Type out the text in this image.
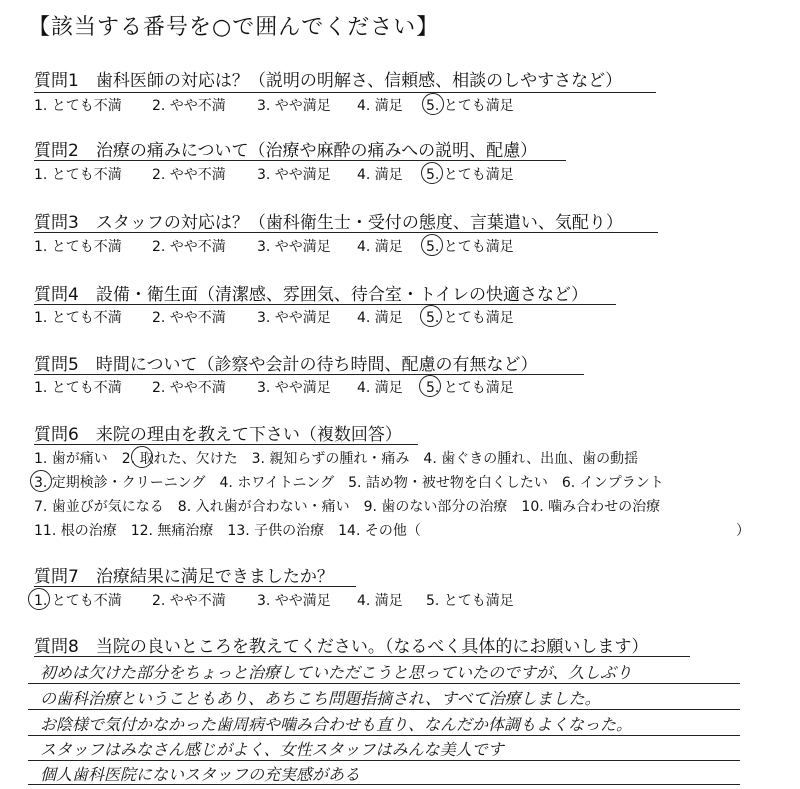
【該当する番号を○で囲んでください】
質問1　歯科医師の対応は？（説明の明解さ、信頼感、相談のしやすさなど）
1. とても不満 2. やや不満 3. やや満足 4. 満足 5. とても満足
質問2　治療の痛みについて（治療や麻酔の痛みへの説明、配慮）
1. とても不満 2. やや不満 3. やや満足 4. 満足 5. とても満足
質問3　スタッフの対応は？（歯科衛生士・受付の態度、言葉遣い、気配り）
1. とても不満 2. やや不満 3. やや満足 4. 満足 5. とても満足
質問4　設備・衛生面（清潔感、雰囲気、待合室・トイレの快適さなど）
1. とても不満 2. やや不満 3. やや満足 4. 満足 5. とても満足
質問5　時間について（診察や会計の待ち時間、配慮の有無など）
1. とても不満 2. やや不満 3. やや満足 4. 満足 5. とても満足
質問6　来院の理由を教えて下さい（複数回答）
1. 歯が痛い　2. 取れた、欠けた　3. 親知らずの腫れ・痛み　4. 歯ぐきの腫れ、出血、歯の動揺
3. 定期検診・クリーニング　4. ホワイトニング　5. 詰め物・被せ物を白くしたい　6. インプラント
7. 歯並びが気になる　8. 入れ歯が合わない・痛い　9. 歯のない部分の治療　10. 噛み合わせの治療
11. 根の治療　12. 無痛治療　13. 子供の治療　14. その他（	）
質問7　治療結果に満足できましたか？
1. とても不満 2. やや不満 3. やや満足 4. 満足 5. とても満足
質問8　当院の良いところを教えてください。（なるべく具体的にお願いします）
初めは欠けた部分をちょっと治療していただこうと思っていたのですが、久しぶり
の歯科治療ということもあり、あちこち問題指摘され、すべて治療しました。
お陰様で気付かなかった歯周病や噛み合わせも直り、なんだか体調もよくなった。
スタッフはみなさん感じがよく、女性スタッフはみんな美人です
個人歯科医院にないスタッフの充実感がある
